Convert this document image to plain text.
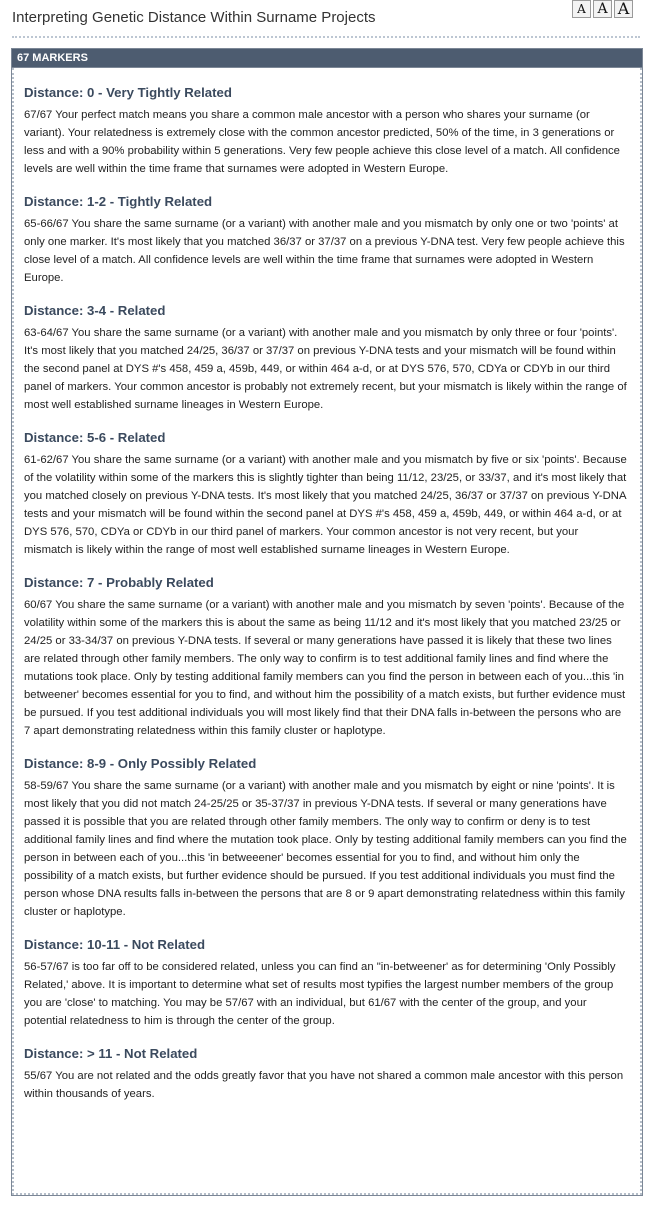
Interpreting Genetic Distance Within Surname Projects	A A A
67 MARKERS
Distance: 0 - Very Tightly Related

67/67 Your perfect match means you share a common male ancestor with a person who shares your surname (or variant). Your relatedness is extremely close with the common ancestor predicted, 50% of the time, in 3 generations or less and with a 90% probability within 5 generations. Very few people achieve this close level of a match. All confidence levels are well within the time frame that surnames were adopted in Western Europe.

Distance: 1-2 - Tightly Related

65-66/67 You share the same surname (or a variant) with another male and you mismatch by only one or two 'points' at only one marker. It's most likely that you matched 36/37 or 37/37 on a previous Y-DNA test. Very few people achieve this close level of a match. All confidence levels are well within the time frame that surnames were adopted in Western Europe.

Distance: 3-4 - Related

63-64/67 You share the same surname (or a variant) with another male and you mismatch by only three or four 'points'. It's most likely that you matched 24/25, 36/37 or 37/37 on previous Y-DNA tests and your mismatch will be found within the second panel at DYS #'s 458, 459 a, 459b, 449, or within 464 a-d, or at DYS 576, 570, CDYa or CDYb in our third panel of markers. Your common ancestor is probably not extremely recent, but your mismatch is likely within the range of most well established surname lineages in Western Europe.

Distance: 5-6 - Related

61-62/67 You share the same surname (or a variant) with another male and you mismatch by five or six 'points'. Because of the volatility within some of the markers this is slightly tighter than being 11/12, 23/25, or 33/37, and it's most likely that you matched closely on previous Y-DNA tests. It's most likely that you matched 24/25, 36/37 or 37/37 on previous Y-DNA tests and your mismatch will be found within the second panel at DYS #'s 458, 459 a, 459b, 449, or within 464 a-d, or at DYS 576, 570, CDYa or CDYb in our third panel of markers. Your common ancestor is not very recent, but your mismatch is likely within the range of most well established surname lineages in Western Europe.

Distance: 7 - Probably Related

60/67 You share the same surname (or a variant) with another male and you mismatch by seven 'points'. Because of the volatility within some of the markers this is about the same as being 11/12 and it's most likely that you matched 23/25 or 24/25 or 33-34/37 on previous Y-DNA tests. If several or many generations have passed it is likely that these two lines are related through other family members. The only way to confirm is to test additional family lines and find where the mutations took place. Only by testing additional family members can you find the person in between each of you...this 'in betweener' becomes essential for you to find, and without him the possibility of a match exists, but further evidence must be pursued. If you test additional individuals you will most likely find that their DNA falls in-between the persons who are 7 apart demonstrating relatedness within this family cluster or haplotype.

Distance: 8-9 - Only Possibly Related

58-59/67 You share the same surname (or a variant) with another male and you mismatch by eight or nine 'points'. It is most likely that you did not match 24-25/25 or 35-37/37 in previous Y-DNA tests. If several or many generations have passed it is possible that you are related through other family members. The only way to confirm or deny is to test additional family lines and find where the mutation took place. Only by testing additional family members can you find the person in between each of you...this 'in betweeener' becomes essential for you to find, and without him only the possibility of a match exists, but further evidence should be pursued. If you test additional individuals you must find the person whose DNA results falls in-between the persons that are 8 or 9 apart demonstrating relatedness within this family cluster or haplotype.

Distance: 10-11 - Not Related

56-57/67 is too far off to be considered related, unless you can find an "in-betweener' as for determining 'Only Possibly Related,' above. It is important to determine what set of results most typifies the largest number members of the group you are 'close' to matching. You may be 57/67 with an individual, but 61/67 with the center of the group, and your potential relatedness to him is through the center of the group.

Distance: > 11 - Not Related

55/67 You are not related and the odds greatly favor that you have not shared a common male ancestor with this person within thousands of years.
